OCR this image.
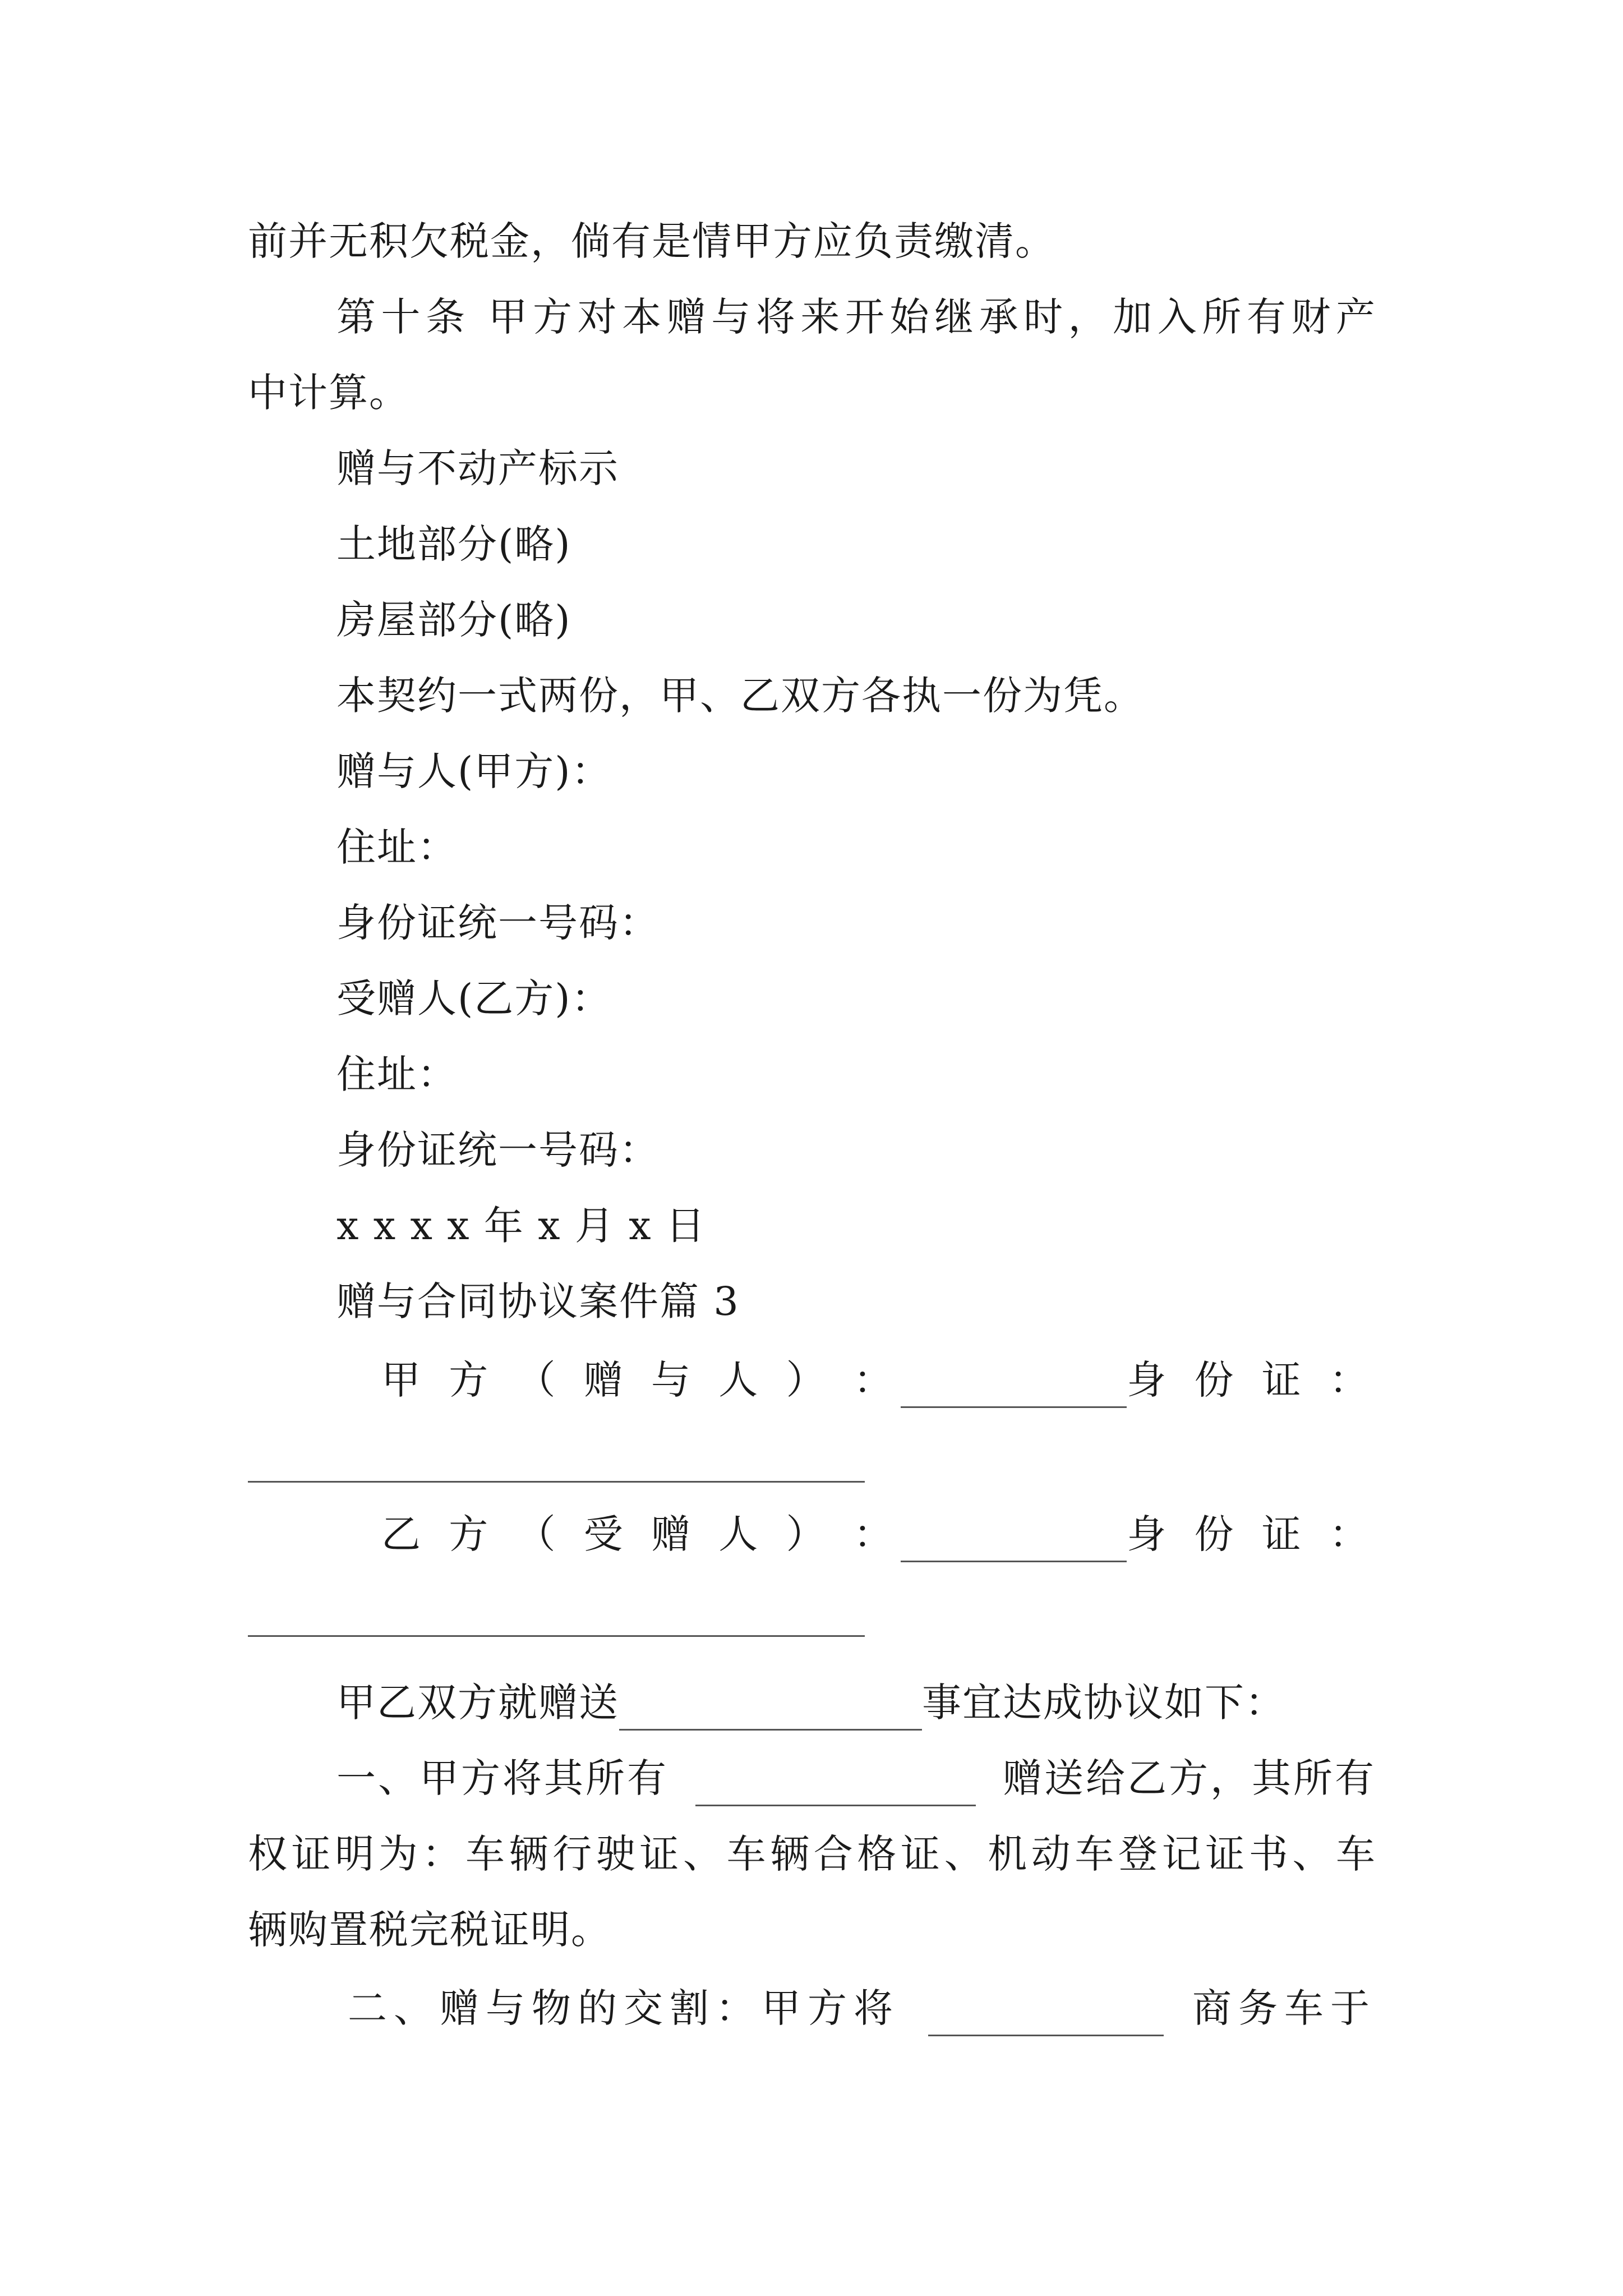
前并无积欠税金，倘有是情甲方应负责缴清。
第十条 甲方对本赠与将来开始继承时，加入所有财产
中计算。
赠与不动产标示
土地部分(略)
房屋部分(略)
本契约一式两份，甲、乙双方各执一份为凭。
赠与人(甲方)：
住址：
身份证统一号码：
受赠人(乙方)：
住址：
身份证统一号码：
x x x x 年 x 月 x 日
赠与合同协议案件篇 3
甲 方 （ 赠 与 人 ） ：	身 份 证 ：
乙 方 （ 受 赠 人 ） ：	身 份 证 ：
甲乙双方就赠送	事宜达成协议如下：
一、甲方将其所有	赠送给乙方，其所有
权证明为：车辆行驶证、车辆合格证、机动车登记证书、车
辆购置税完税证明。
二、赠与物的交割：甲方将	商务车于
